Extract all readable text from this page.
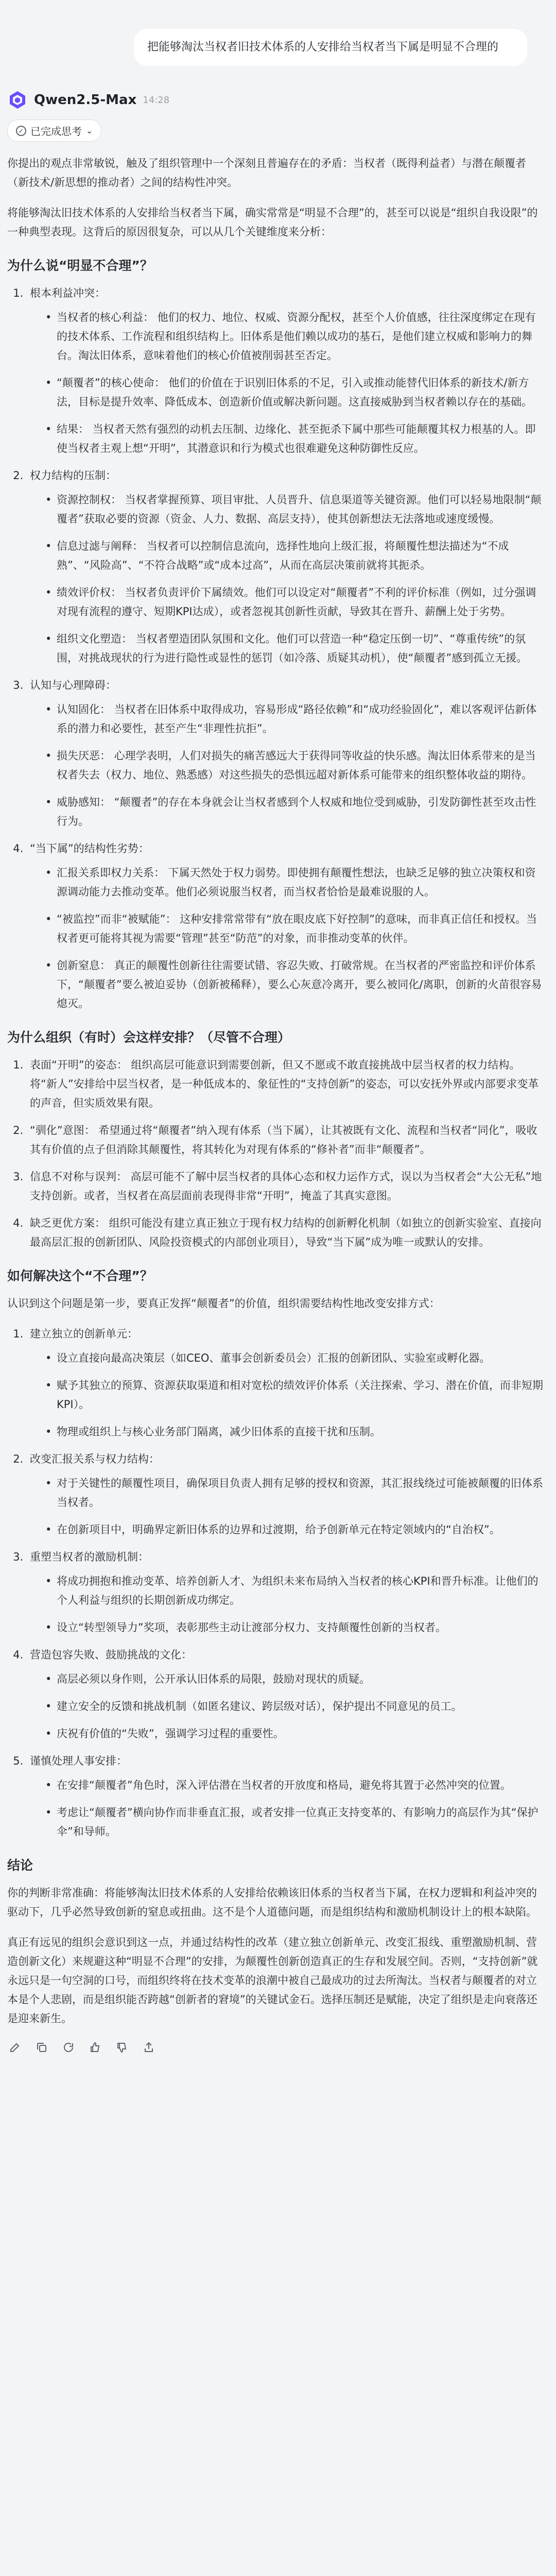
把能够淘汰当权者旧技术体系的人安排给当权者当下属是明显不合理的
Qwen2.5-Max 14:28
✓ 已完成思考 ⌄

你提出的观点非常敏锐，触及了组织管理中一个深刻且普遍存在的矛盾：当权者（既得利益者）与潜在颠覆者（新技术/新思想的推动者）之间的结构性冲突。

将能够淘汰旧技术体系的人安排给当权者当下属，确实常常是“明显不合理”的，甚至可以说是“组织自我设限”的一种典型表现。这背后的原因很复杂，可以从几个关键维度来分析：

为什么说“明显不合理”？
1. 根本利益冲突：
• 当权者的核心利益： 他们的权力、地位、权威、资源分配权，甚至个人价值感，往往深度绑定在现有的技术体系、工作流程和组织结构上。旧体系是他们赖以成功的基石，是他们建立权威和影响力的舞台。淘汰旧体系，意味着他们的核心价值被削弱甚至否定。
• “颠覆者”的核心使命： 他们的价值在于识别旧体系的不足，引入或推动能替代旧体系的新技术/新方法，目标是提升效率、降低成本、创造新价值或解决新问题。这直接威胁到当权者赖以存在的基础。
• 结果： 当权者天然有强烈的动机去压制、边缘化、甚至扼杀下属中那些可能颠覆其权力根基的人。即使当权者主观上想“开明”，其潜意识和行为模式也很难避免这种防御性反应。
2. 权力结构的压制：
• 资源控制权： 当权者掌握预算、项目审批、人员晋升、信息渠道等关键资源。他们可以轻易地限制“颠覆者”获取必要的资源（资金、人力、数据、高层支持），使其创新想法无法落地或速度缓慢。
• 信息过滤与阐释： 当权者可以控制信息流向，选择性地向上级汇报，将颠覆性想法描述为“不成熟”、“风险高”、“不符合战略”或“成本过高”，从而在高层决策前就将其扼杀。
• 绩效评价权： 当权者负责评价下属绩效。他们可以设定对“颠覆者”不利的评价标准（例如，过分强调对现有流程的遵守、短期KPI达成），或者忽视其创新性贡献，导致其在晋升、薪酬上处于劣势。
• 组织文化塑造： 当权者塑造团队氛围和文化。他们可以营造一种“稳定压倒一切”、“尊重传统”的氛围，对挑战现状的行为进行隐性或显性的惩罚（如冷落、质疑其动机），使“颠覆者”感到孤立无援。
3. 认知与心理障碍：
• 认知固化： 当权者在旧体系中取得成功，容易形成“路径依赖”和“成功经验固化”，难以客观评估新体系的潜力和必要性，甚至产生“非理性抗拒”。
• 损失厌恶： 心理学表明，人们对损失的痛苦感远大于获得同等收益的快乐感。淘汰旧体系带来的是当权者失去（权力、地位、熟悉感）对这些损失的恐惧远超对新体系可能带来的组织整体收益的期待。
• 威胁感知： “颠覆者”的存在本身就会让当权者感到个人权威和地位受到威胁，引发防御性甚至攻击性行为。
4. “当下属”的结构性劣势：
• 汇报关系即权力关系： 下属天然处于权力弱势。即使拥有颠覆性想法，也缺乏足够的独立决策权和资源调动能力去推动变革。他们必须说服当权者，而当权者恰恰是最难说服的人。
• “被监控”而非“被赋能”： 这种安排常常带有“放在眼皮底下好控制”的意味，而非真正信任和授权。当权者更可能将其视为需要“管理”甚至“防范”的对象，而非推动变革的伙伴。
• 创新窒息： 真正的颠覆性创新往往需要试错、容忍失败、打破常规。在当权者的严密监控和评价体系下，“颠覆者”要么被迫妥协（创新被稀释），要么心灰意冷离开，要么被同化/离职，创新的火苗很容易熄灭。
为什么组织（有时）会这样安排？（尽管不合理）
1. 表面“开明”的姿态： 组织高层可能意识到需要创新，但又不愿或不敢直接挑战中层当权者的权力结构。将“新人”安排给中层当权者，是一种低成本的、象征性的“支持创新”的姿态，可以安抚外界或内部要求变革的声音，但实质效果有限。
2. “驯化”意图： 希望通过将“颠覆者”纳入现有体系（当下属），让其被既有文化、流程和当权者“同化”，吸收其有价值的点子但消除其颠覆性，将其转化为对现有体系的“修补者”而非“颠覆者”。
3. 信息不对称与误判： 高层可能不了解中层当权者的具体心态和权力运作方式，误以为当权者会“大公无私”地支持创新。或者，当权者在高层面前表现得非常“开明”，掩盖了其真实意图。
4. 缺乏更优方案： 组织可能没有建立真正独立于现有权力结构的创新孵化机制（如独立的创新实验室、直接向最高层汇报的创新团队、风险投资模式的内部创业项目），导致“当下属”成为唯一或默认的安排。
如何解决这个“不合理”？

认识到这个问题是第一步，要真正发挥“颠覆者”的价值，组织需要结构性地改变安排方式：

1. 建立独立的创新单元：
• 设立直接向最高决策层（如CEO、董事会创新委员会）汇报的创新团队、实验室或孵化器。
• 赋予其独立的预算、资源获取渠道和相对宽松的绩效评价体系（关注探索、学习、潜在价值，而非短期KPI）。
• 物理或组织上与核心业务部门隔离，减少旧体系的直接干扰和压制。
2. 改变汇报关系与权力结构：
• 对于关键性的颠覆性项目，确保项目负责人拥有足够的授权和资源，其汇报线绕过可能被颠覆的旧体系当权者。
• 在创新项目中，明确界定新旧体系的边界和过渡期，给予创新单元在特定领域内的“自治权”。
3. 重塑当权者的激励机制：
• 将成功拥抱和推动变革、培养创新人才、为组织未来布局纳入当权者的核心KPI和晋升标准。让他们的个人利益与组织的长期创新成功绑定。
• 设立“转型领导力”奖项，表彰那些主动让渡部分权力、支持颠覆性创新的当权者。
4. 营造包容失败、鼓励挑战的文化：
• 高层必须以身作则，公开承认旧体系的局限，鼓励对现状的质疑。
• 建立安全的反馈和挑战机制（如匿名建议、跨层级对话），保护提出不同意见的员工。
• 庆祝有价值的“失败”，强调学习过程的重要性。
5. 谨慎处理人事安排：
• 在安排“颠覆者”角色时，深入评估潜在当权者的开放度和格局，避免将其置于必然冲突的位置。
• 考虑让“颠覆者”横向协作而非垂直汇报，或者安排一位真正支持变革的、有影响力的高层作为其“保护伞”和导师。
结论

你的判断非常准确：将能够淘汰旧技术体系的人安排给依赖该旧体系的当权者当下属，在权力逻辑和利益冲突的驱动下，几乎必然导致创新的窒息或扭曲。这不是个人道德问题，而是组织结构和激励机制设计上的根本缺陷。

真正有远见的组织会意识到这一点，并通过结构性的改革（建立独立创新单元、改变汇报线、重塑激励机制、营造创新文化）来规避这种“明显不合理”的安排，为颠覆性创新创造真正的生存和发展空间。否则，“支持创新”就永远只是一句空洞的口号，而组织终将在技术变革的浪潮中被自己最成功的过去所淘汰。当权者与颠覆者的对立本是个人悲剧，而是组织能否跨越“创新者的窘境”的关键试金石。选择压制还是赋能，决定了组织是走向衰落还是迎来新生。
